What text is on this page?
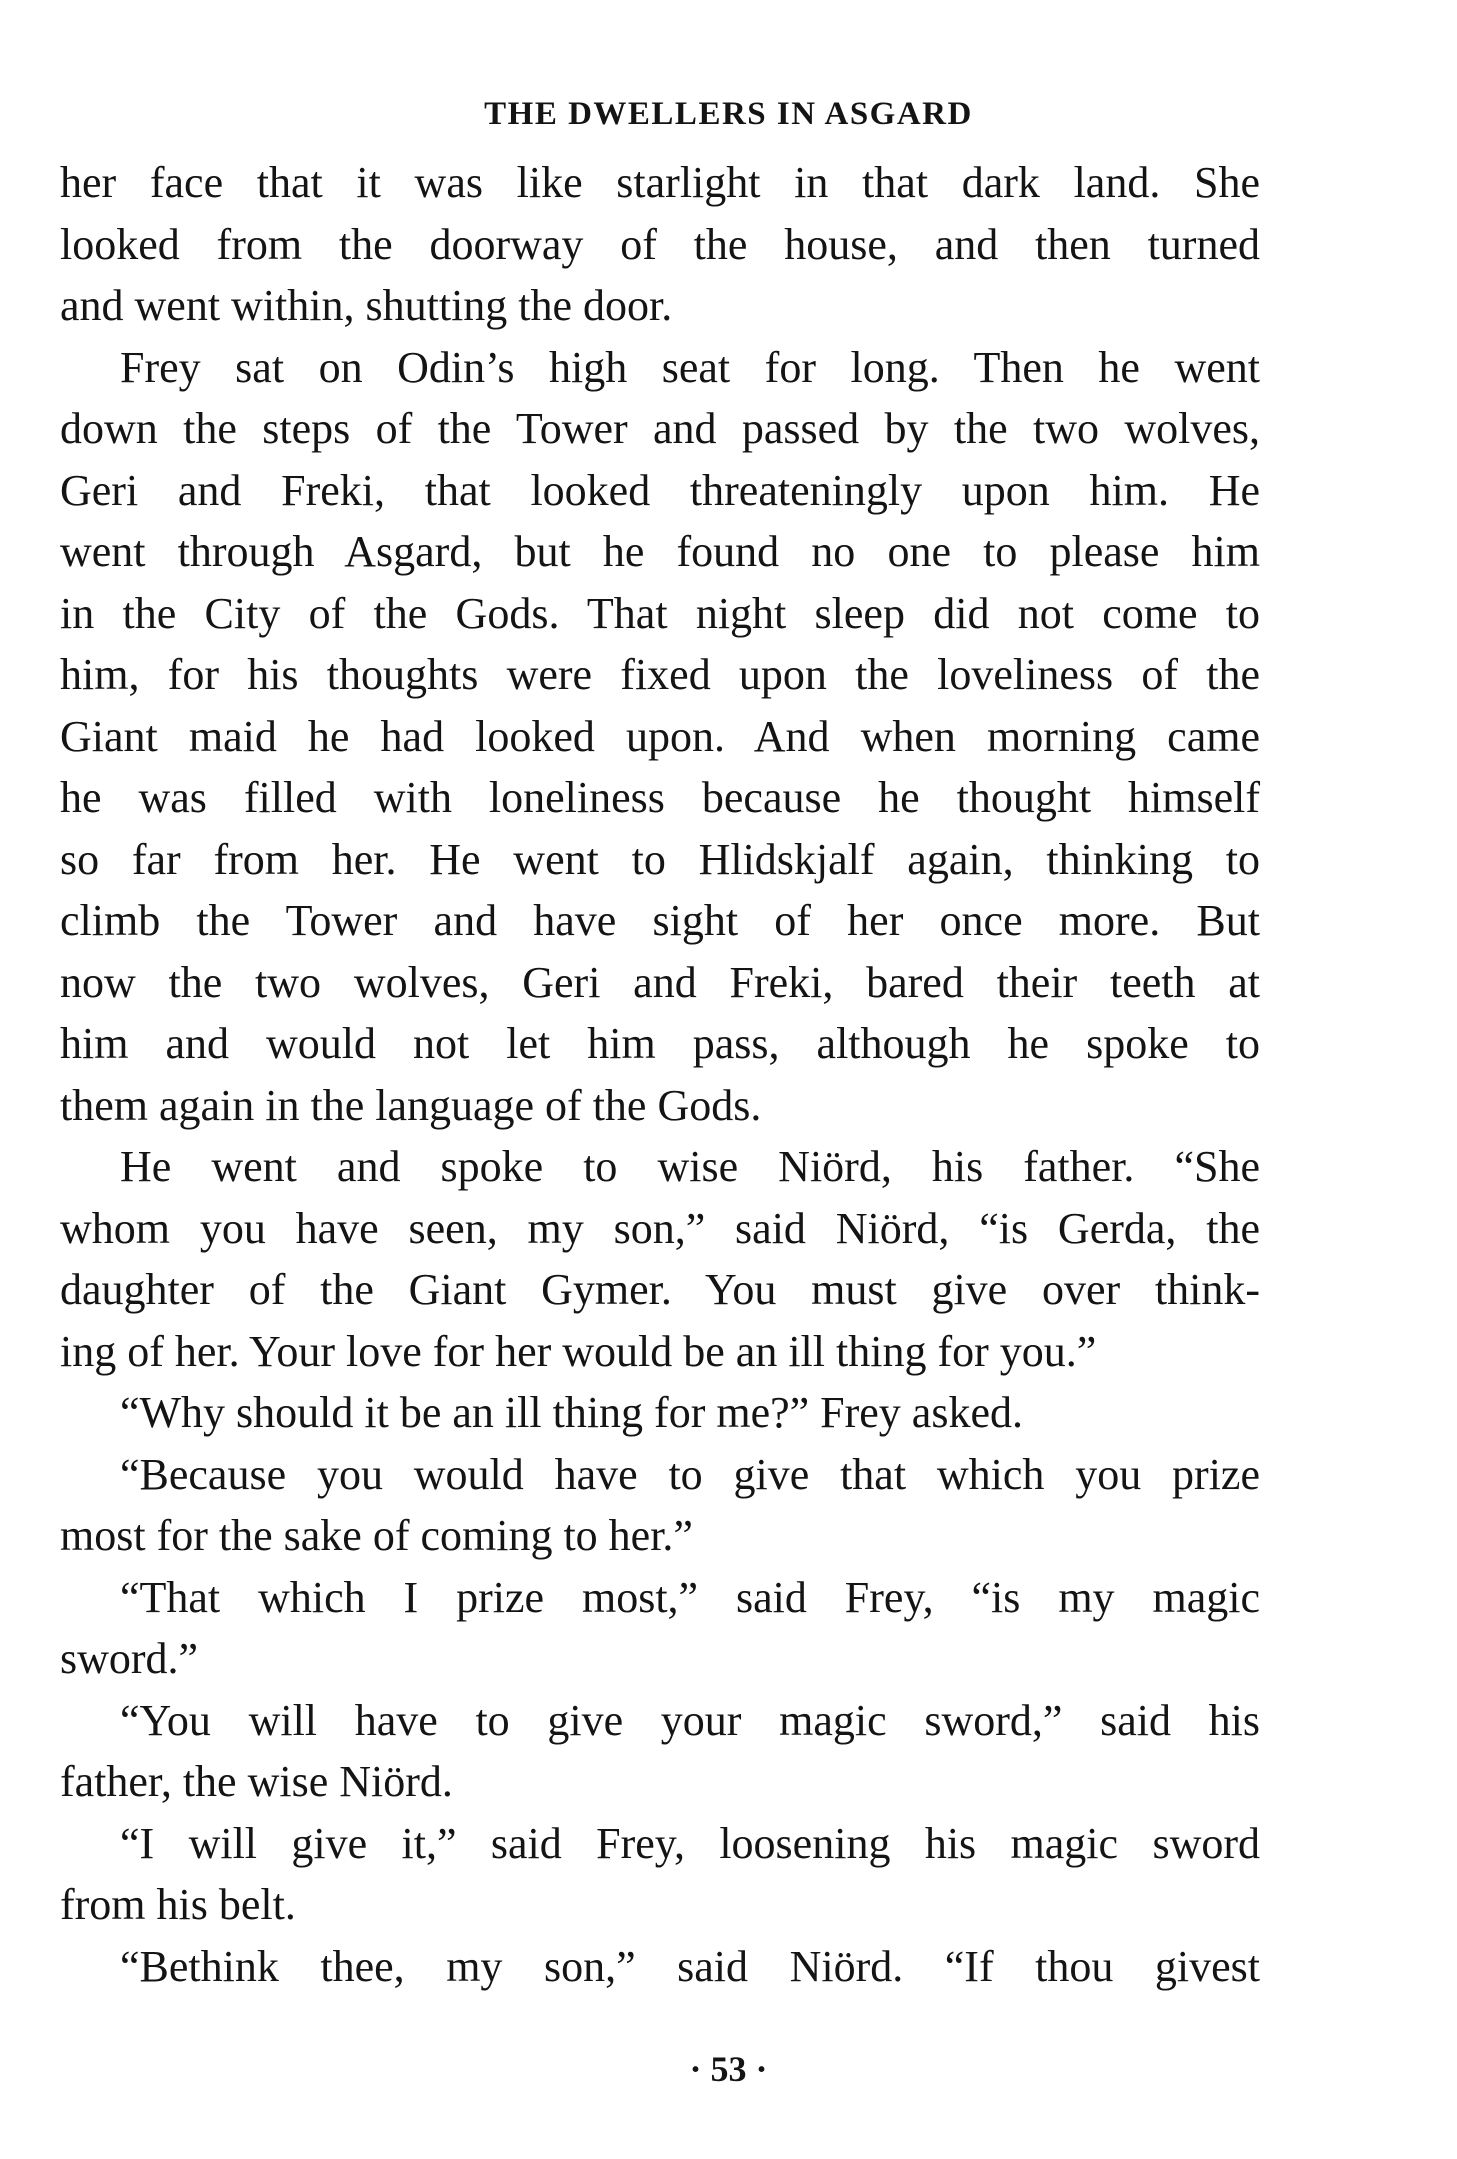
THE DWELLERS IN ASGARD
her face that it was like starlight in that dark land. She
looked from the doorway of the house, and then turned
and went within, shutting the door.
Frey sat on Odin’s high seat for long. Then he went
down the steps of the Tower and passed by the two wolves,
Geri and Freki, that looked threateningly upon him. He
went through Asgard, but he found no one to please him
in the City of the Gods. That night sleep did not come to
him, for his thoughts were fixed upon the loveliness of the
Giant maid he had looked upon. And when morning came
he was filled with loneliness because he thought himself
so far from her. He went to Hlidskjalf again, thinking to
climb the Tower and have sight of her once more. But
now the two wolves, Geri and Freki, bared their teeth at
him and would not let him pass, although he spoke to
them again in the language of the Gods.
He went and spoke to wise Niörd, his father. “She
whom you have seen, my son,” said Niörd, “is Gerda, the
daughter of the Giant Gymer. You must give over think-
ing of her. Your love for her would be an ill thing for you.”
“Why should it be an ill thing for me?” Frey asked.
“Because you would have to give that which you prize
most for the sake of coming to her.”
“That which I prize most,” said Frey, “is my magic
sword.”
“You will have to give your magic sword,” said his
father, the wise Niörd.
“I will give it,” said Frey, loosening his magic sword
from his belt.
“Bethink thee, my son,” said Niörd. “If thou givest
· 53 ·
